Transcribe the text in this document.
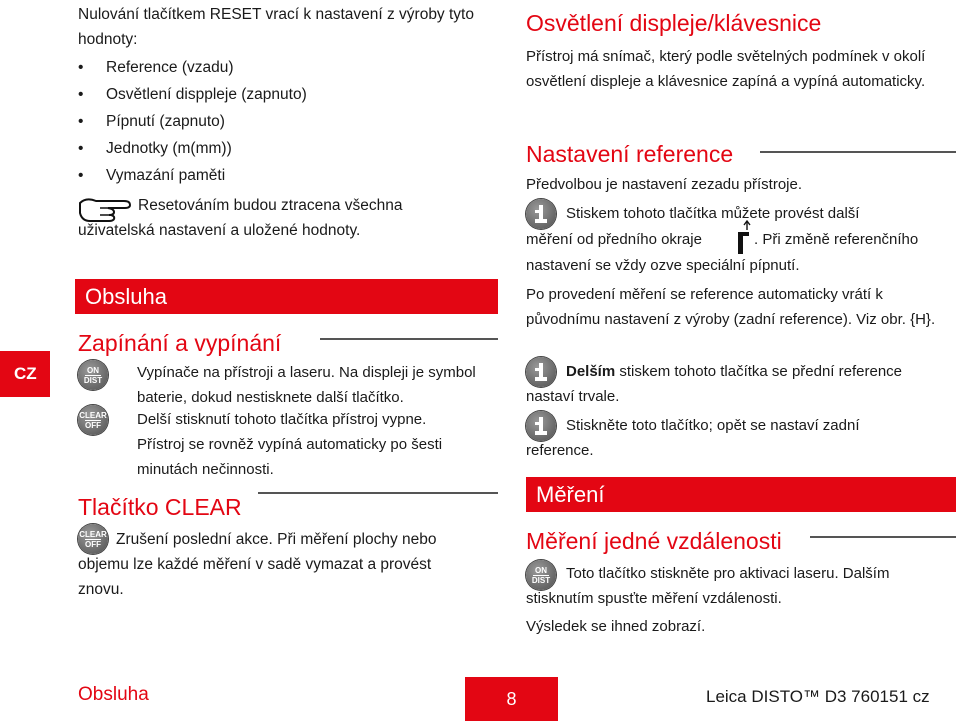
CZ
Nulování tlačítkem RESET vrací k nastavení z výroby tyto hodnoty:
• Reference (vzadu)
• Osvětlení disppleje (zapnuto)
• Pípnutí (zapnuto)
• Jednotky (m(mm))
• Vymazání paměti
Resetováním budou ztracena všechna uživatelská nastavení a uložené hodnoty.
Obsluha
Zapínání a vypínání
ON
DIST
CLEAR
OFF
Vypínače na přístroji a laseru. Na displeji je symbol baterie, dokud nestisknete další tlačítko.
Delší stisknutí tohoto tlačítka přístroj vypne.
Přístroj se rovněž vypíná automaticky po šesti minutách nečinnosti.
Tlačítko CLEAR
CLEAR
OFF Zrušení poslední akce. Při měření plochy nebo objemu lze každé měření v sadě vymazat a provést znovu.
Osvětlení displeje/klávesnice
Přístroj má snímač, který podle světelných podmínek v okolí osvětlení displeje a klávesnice zapíná a vypíná automaticky.
Nastavení reference
Předvolbou je nastavení zezadu přístroje.
Stiskem tohoto tlačítka můžete provést další
měření od předního okraje	. Při změně referenčního
nastavení se vždy ozve speciální pípnutí.
Po provedení měření se reference automaticky vrátí k původnímu nastavení z výroby (zadní reference). Viz obr. {H}.
Delším stiskem tohoto tlačítka se přední reference
nastaví trvale.
Stiskněte toto tlačítko; opět se nastaví zadní
reference.
Měření
Měření jedné vzdálenosti
ON
DIST	Toto tlačítko stiskněte pro aktivaci laseru. Dalším
stisknutím spusťte měření vzdálenosti.
Výsledek se ihned zobrazí.
Obsluha	8	Leica DISTO™ D3 760151 cz
